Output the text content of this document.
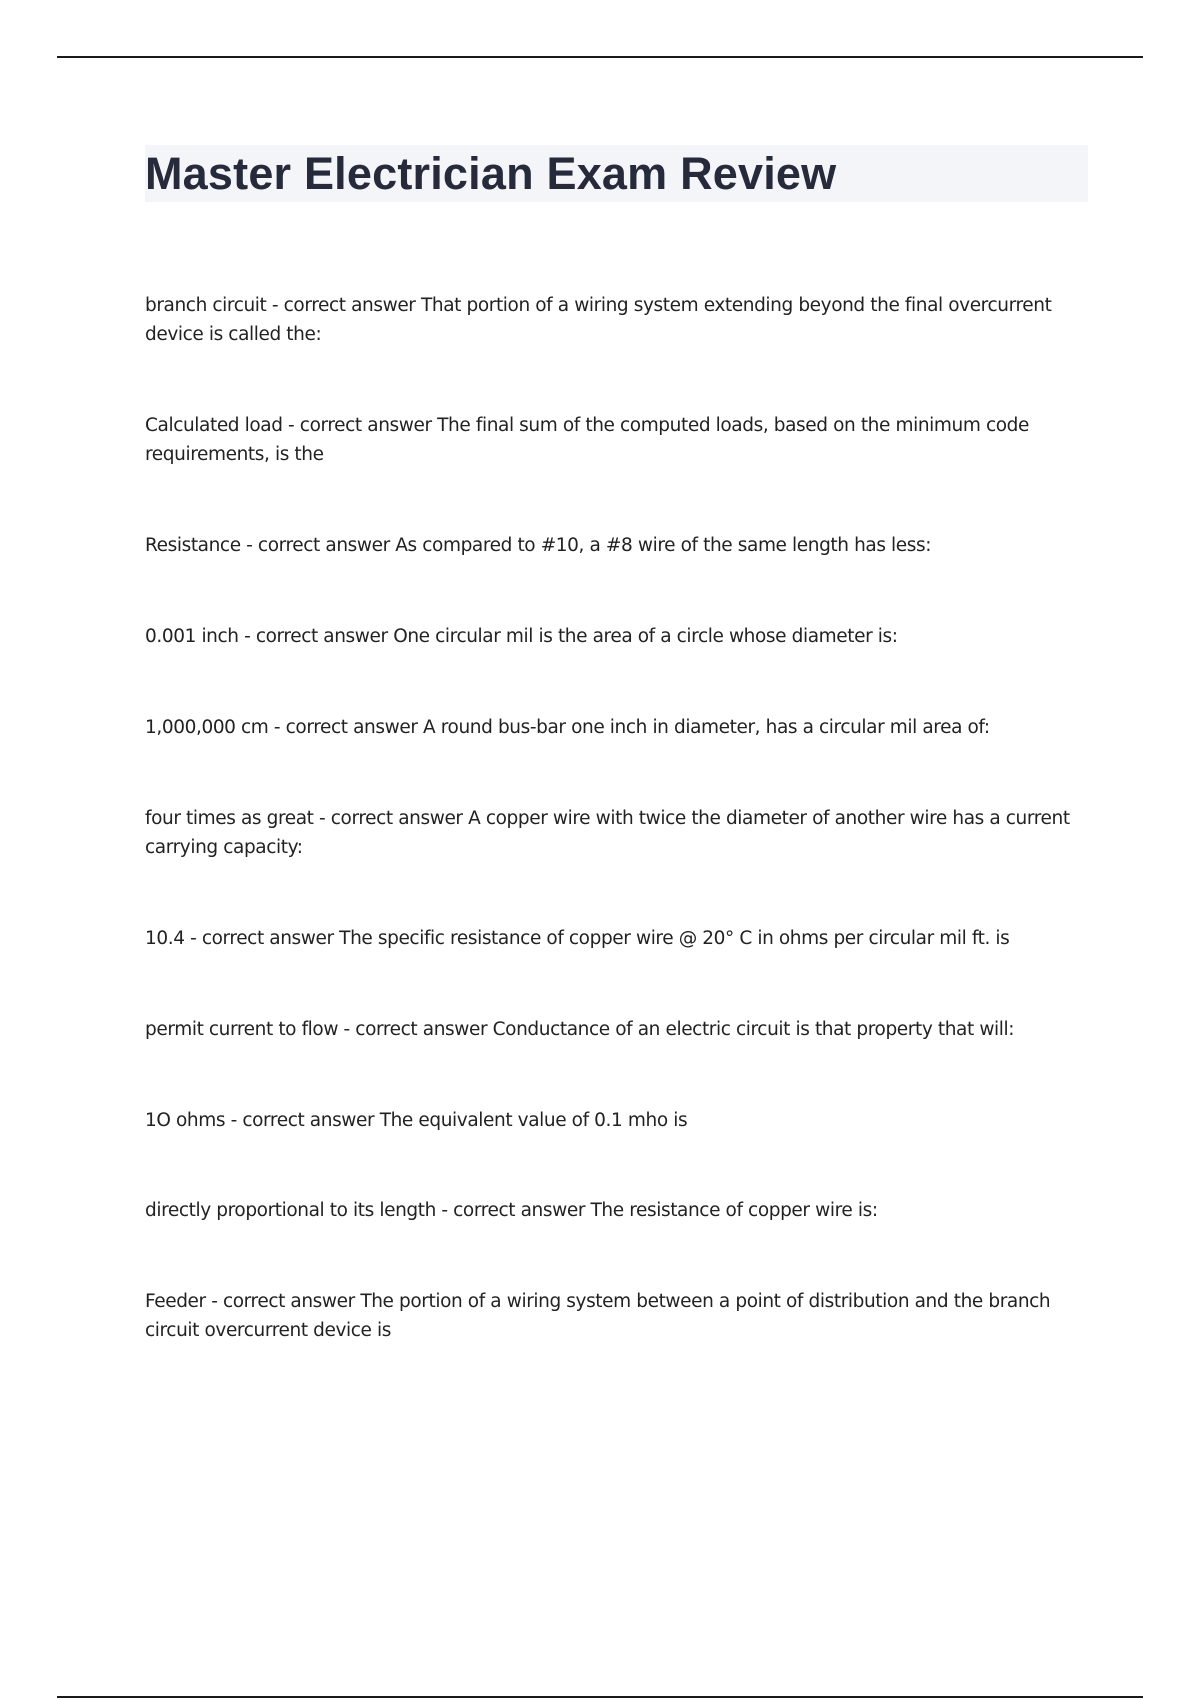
Master Electrician Exam Review

branch circuit - correct answer That portion of a wiring system extending beyond the final overcurrent device is called the:

Calculated load - correct answer The final sum of the computed loads, based on the minimum code requirements, is the

Resistance - correct answer As compared to #10, a #8 wire of the same length has less:

0.001 inch - correct answer One circular mil is the area of a circle whose diameter is:

1,000,000 cm - correct answer A round bus-bar one inch in diameter, has a circular mil area of:

four times as great - correct answer A copper wire with twice the diameter of another wire has a current carrying capacity:

10.4 - correct answer The specific resistance of copper wire @ 20° C in ohms per circular mil ft. is

permit current to flow - correct answer Conductance of an electric circuit is that property that will:

1O ohms - correct answer The equivalent value of 0.1 mho is

directly proportional to its length - correct answer The resistance of copper wire is:

Feeder - correct answer The portion of a wiring system between a point of distribution and the branch circuit overcurrent device is
